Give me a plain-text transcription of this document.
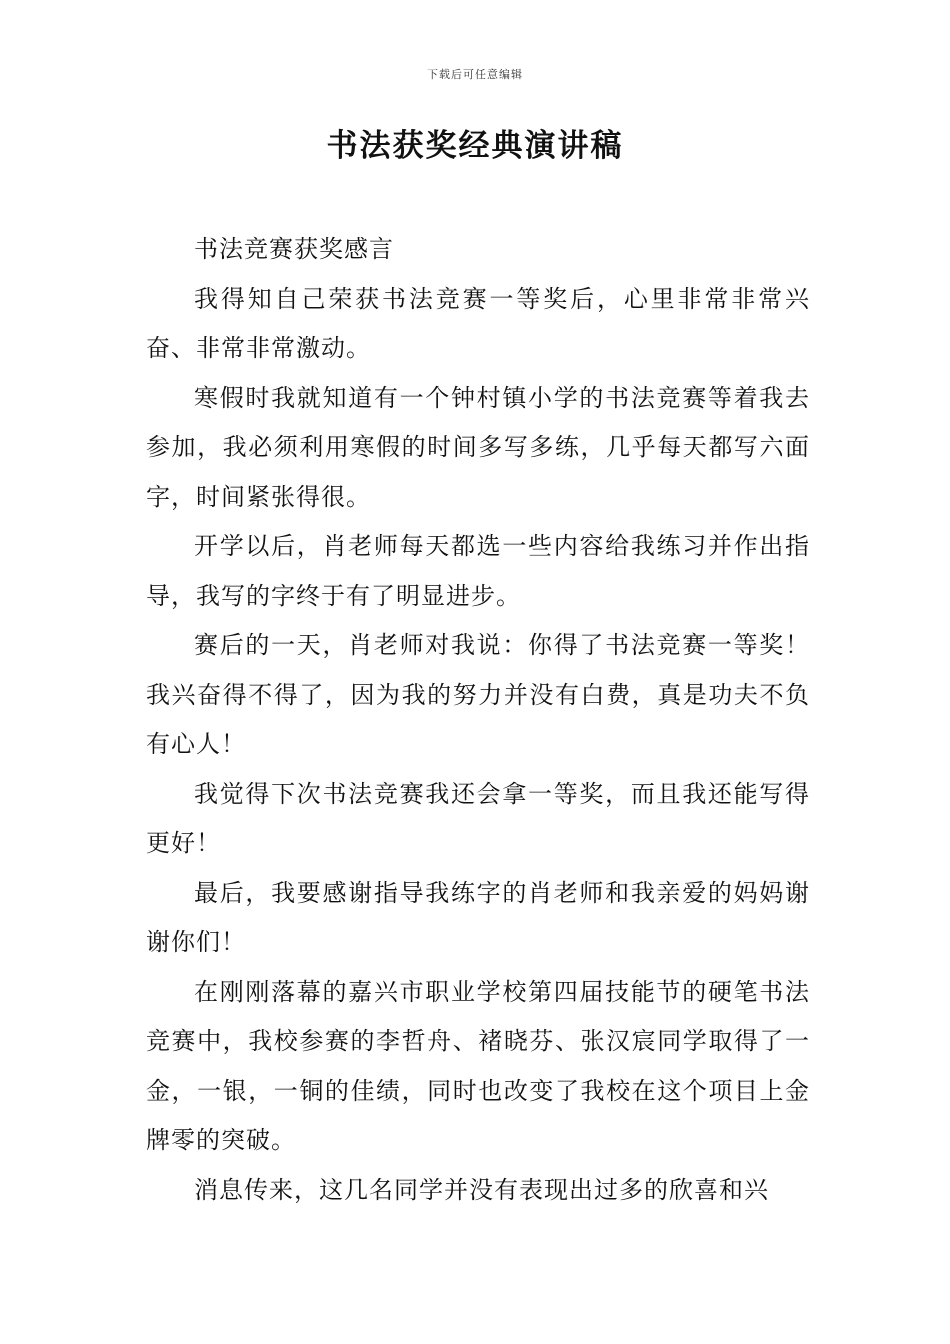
下载后可任意编辑
书法获奖经典演讲稿

书法竞赛获奖感言

我得知自己荣获书法竞赛一等奖后，心里非常非常兴奋、非常非常激动。

寒假时我就知道有一个钟村镇小学的书法竞赛等着我去参加，我必须利用寒假的时间多写多练，几乎每天都写六面字，时间紧张得很。

开学以后，肖老师每天都选一些内容给我练习并作出指导，我写的字终于有了明显进步。

赛后的一天，肖老师对我说：你得了书法竞赛一等奖！我兴奋得不得了，因为我的努力并没有白费，真是功夫不负有心人！

我觉得下次书法竞赛我还会拿一等奖，而且我还能写得更好！

最后，我要感谢指导我练字的肖老师和我亲爱的妈妈谢谢你们！

在刚刚落幕的嘉兴市职业学校第四届技能节的硬笔书法竞赛中，我校参赛的李哲舟、褚晓芬、张汉宸同学取得了一金，一银，一铜的佳绩，同时也改变了我校在这个项目上金牌零的突破。

消息传来，这几名同学并没有表现出过多的欣喜和兴
